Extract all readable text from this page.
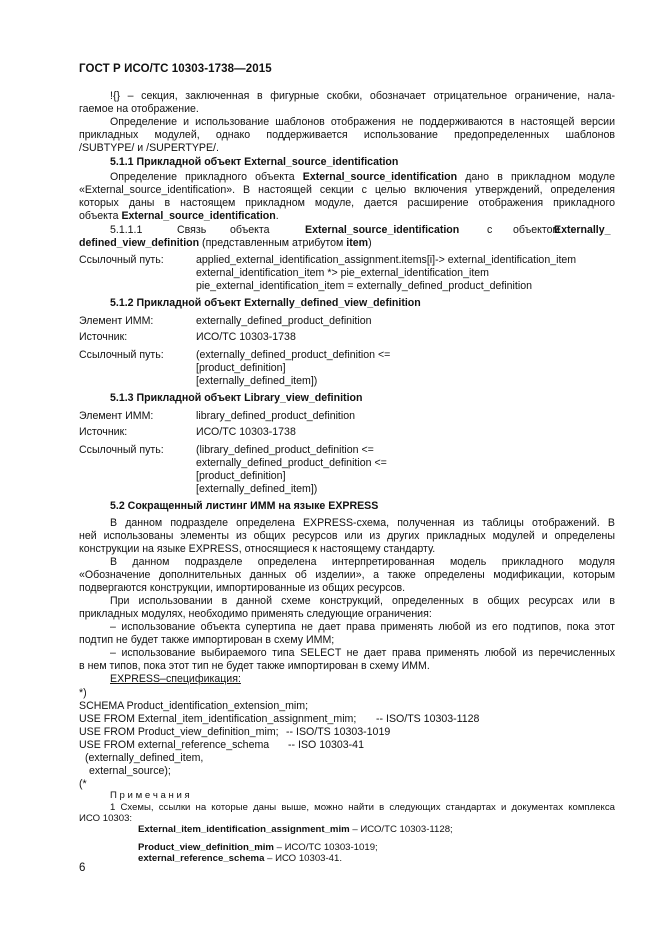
ГОСТ Р ИСО/ТС 10303-1738—2015
!{} – секция, заключенная в фигурные скобки, обозначает отрицательное ограничение, нала-
гаемое на отображение.
Определение и использование шаблонов отображения не поддерживаются в настоящей версии
прикладных модулей, однако поддерживается использование предопределенных шаблонов
/SUBTYPE/ и /SUPERTYPE/.
5.1.1 Прикладной объект External_source_identification
Определение прикладного объекта External_source_identification дано в прикладном модуле
«External_source_identification». В настоящей секции с целью включения утверждений, определения
которых даны в настоящем прикладном модуле, дается расширение отображения прикладного
объекта External_source_identification.
5.1.1.1	Связь объекта	External_source_identification	с объектом
Externally_
defined_view_definition (представленным атрибутом item)
Ссылочный путь:	applied_external_identification_assignment.items[i]-> external_identification_item
external_identification_item *> pie_external_identification_item
pie_external_identification_item = externally_defined_product_definition
5.1.2 Прикладной объект Externally_defined_view_definition
Элемент ИММ:	externally_defined_product_definition
Источник:	ИСО/ТС 10303-1738
Ссылочный путь:	(externally_defined_product_definition <=
[product_definition]
[externally_defined_item])
5.1.3 Прикладной объект Library_view_definition
Элемент ИММ:	library_defined_product_definition
Источник:	ИСО/ТС 10303-1738
Ссылочный путь:	(library_defined_product_definition <=
externally_defined_product_definition <=
[product_definition]
[externally_defined_item])
5.2 Сокращенный листинг ИММ на языке EXPRESS
В данном подразделе определена EXPRESS-схема, полученная из таблицы отображений. В
ней использованы элементы из общих ресурсов или из других прикладных модулей и определены
конструкции на языке EXPRESS, относящиеся к настоящему стандарту.
В данном подразделе определена интерпретированная модель прикладного модуля
«Обозначение дополнительных данных об изделии», а также определены модификации, которым
подвергаются конструкции, импортированные из общих ресурсов.
При использовании в данной схеме конструкций, определенных в общих ресурсах или в
прикладных модулях, необходимо применять следующие ограничения:
– использование объекта супертипа не дает права применять любой из его подтипов, пока этот
подтип не будет также импортирован в схему ИММ;
– использование выбираемого типа SELECT не дает права применять любой из перечисленных
в нем типов, пока этот тип не будет также импортирован в схему ИММ.
EXPRESS–спецификация:
*)
SCHEMA Product_identification_extension_mim;
USE FROM External_item_identification_assignment_mim; -- ISO/TS 10303-1128
USE FROM Product_view_definition_mim; -- ISO/TS 10303-1019
USE FROM external_reference_schema -- ISO 10303-41
(externally_defined_item,
external_source);
(*
П р и м е ч а н и я
1 Схемы, ссылки на которые даны выше, можно найти в следующих стандартах и документах комплекса
ИСО 10303:
External_item_identification_assignment_mim – ИСО/ТС 10303-1128;
Product_view_definition_mim – ИСО/ТС 10303-1019;
external_reference_schema – ИСО 10303-41.
6
